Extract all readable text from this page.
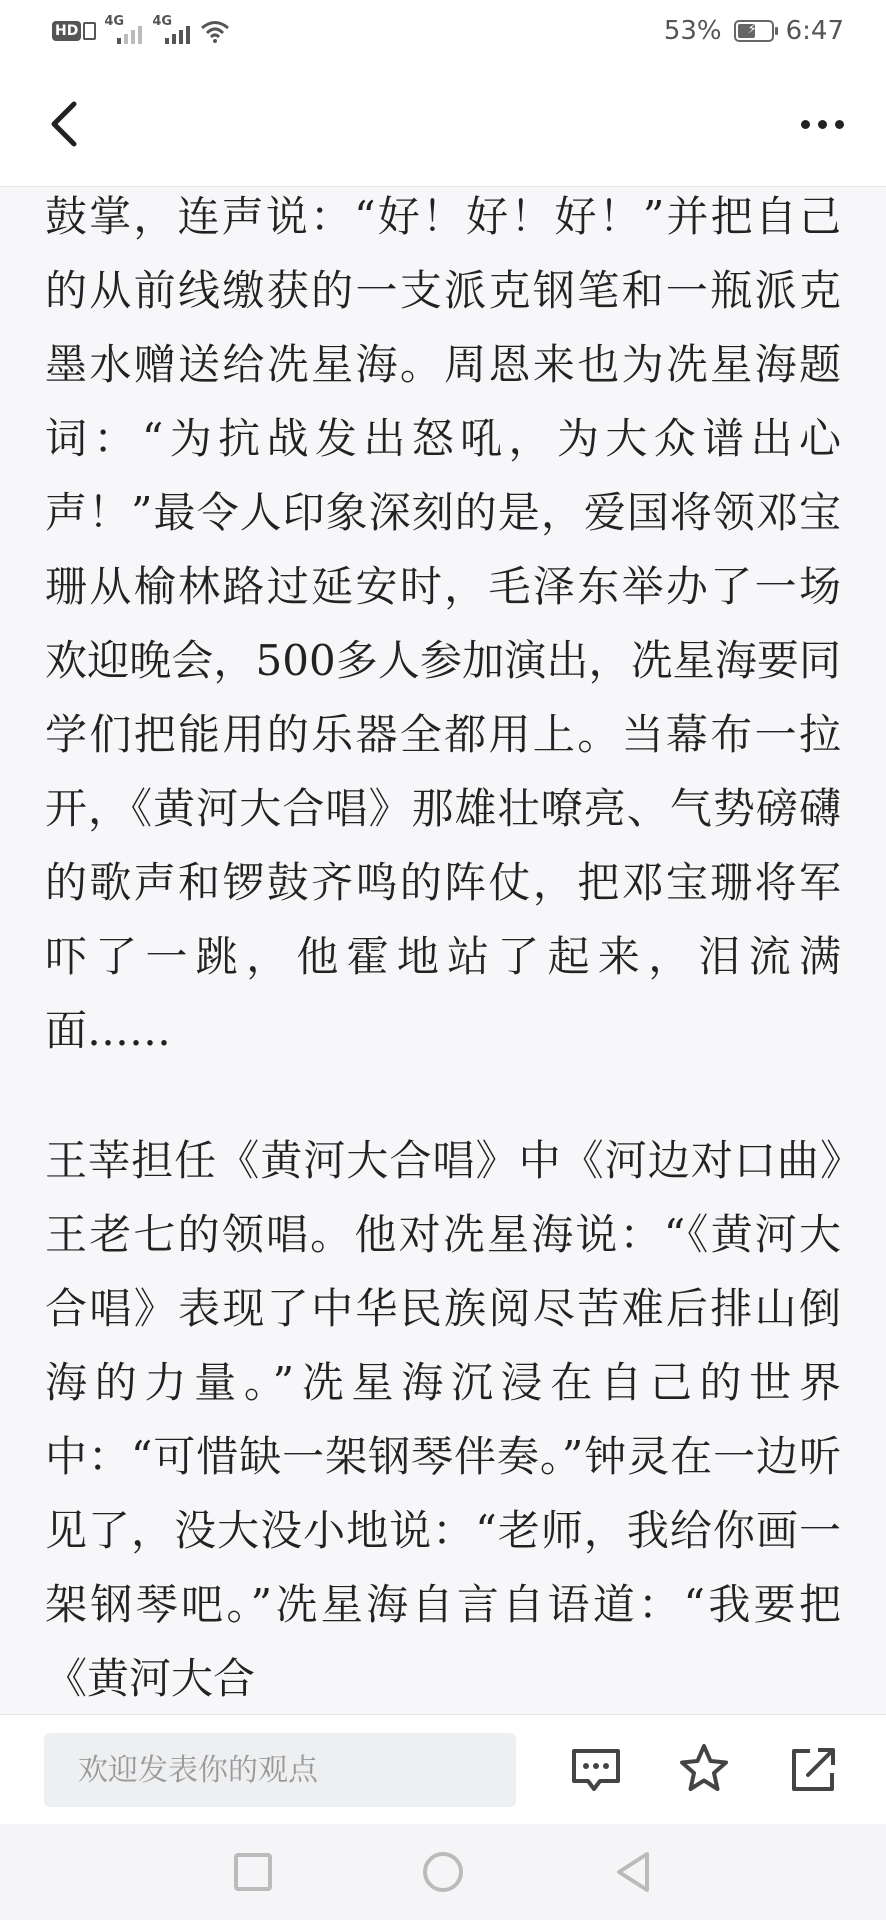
HD
4G 4G	53% ⚡ 6:47

鼓掌，连声说：“好！好！好！”并把自己的从前线缴获的一支派克钢笔和一瓶派克墨水赠送给冼星海。周恩来也为冼星海题词：“为抗战发出怒吼，为大众谱出心声！”最令人印象深刻的是，爱国将领邓宝珊从榆林路过延安时，毛泽东举办了一场欢迎晚会，500多人参加演出，冼星海要同学们把能用的乐器全都用上。当幕布一拉开，《黄河大合唱》那雄壮嘹亮、气势磅礴的歌声和锣鼓齐鸣的阵仗，把邓宝珊将军吓了一跳，他霍地站了起来，泪流满面……

王莘担任《黄河大合唱》中《河边对口曲》王老七的领唱。他对冼星海说：“《黄河大合唱》表现了中华民族阅尽苦难后排山倒海的力量。”冼星海沉浸在自己的世界中：“可惜缺一架钢琴伴奏。”钟灵在一边听见了，没大没小地说：“老师，我给你画一架钢琴吧。”冼星海自言自语道：“我要把《黄河大合

欢迎发表你的观点
